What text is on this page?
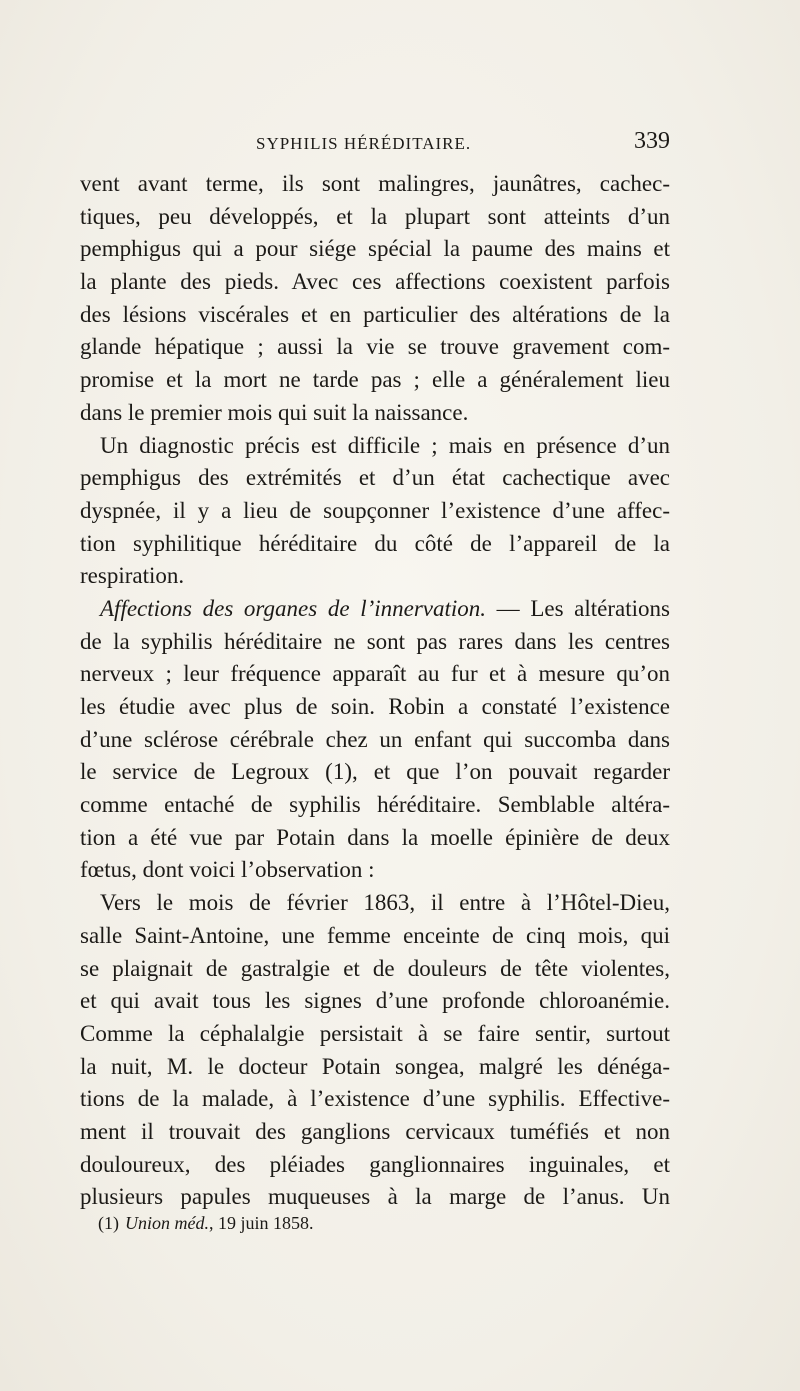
SYPHILIS HÉRÉDITAIRE.	339
vent avant terme, ils sont malingres, jaunâtres, cachec-
tiques, peu développés, et la plupart sont atteints d’un
pemphigus qui a pour siége spécial la paume des mains et
la plante des pieds. Avec ces affections coexistent parfois
des lésions viscérales et en particulier des altérations de la
glande hépatique ; aussi la vie se trouve gravement com-
promise et la mort ne tarde pas ; elle a généralement lieu
dans le premier mois qui suit la naissance.
Un diagnostic précis est difficile ; mais en présence d’un
pemphigus des extrémités et d’un état cachectique avec
dyspnée, il y a lieu de soupçonner l’existence d’une affec-
tion syphilitique héréditaire du côté de l’appareil de la
respiration.
Affections des organes de l’innervation. — Les altérations
de la syphilis héréditaire ne sont pas rares dans les centres
nerveux ; leur fréquence apparaît au fur et à mesure qu’on
les étudie avec plus de soin. Robin a constaté l’existence
d’une sclérose cérébrale chez un enfant qui succomba dans
le service de Legroux (1), et que l’on pouvait regarder
comme entaché de syphilis héréditaire. Semblable altéra-
tion a été vue par Potain dans la moelle épinière de deux
fœtus, dont voici l’observation :
Vers le mois de février 1863, il entre à l’Hôtel-Dieu,
salle Saint-Antoine, une femme enceinte de cinq mois, qui
se plaignait de gastralgie et de douleurs de tête violentes,
et qui avait tous les signes d’une profonde chloroanémie.
Comme la céphalalgie persistait à se faire sentir, surtout
la nuit, M. le docteur Potain songea, malgré les dénéga-
tions de la malade, à l’existence d’une syphilis. Effective-
ment il trouvait des ganglions cervicaux tuméfiés et non
douloureux, des pléiades ganglionnaires inguinales, et
plusieurs papules muqueuses à la marge de l’anus. Un
(1) Union méd., 19 juin 1858.
